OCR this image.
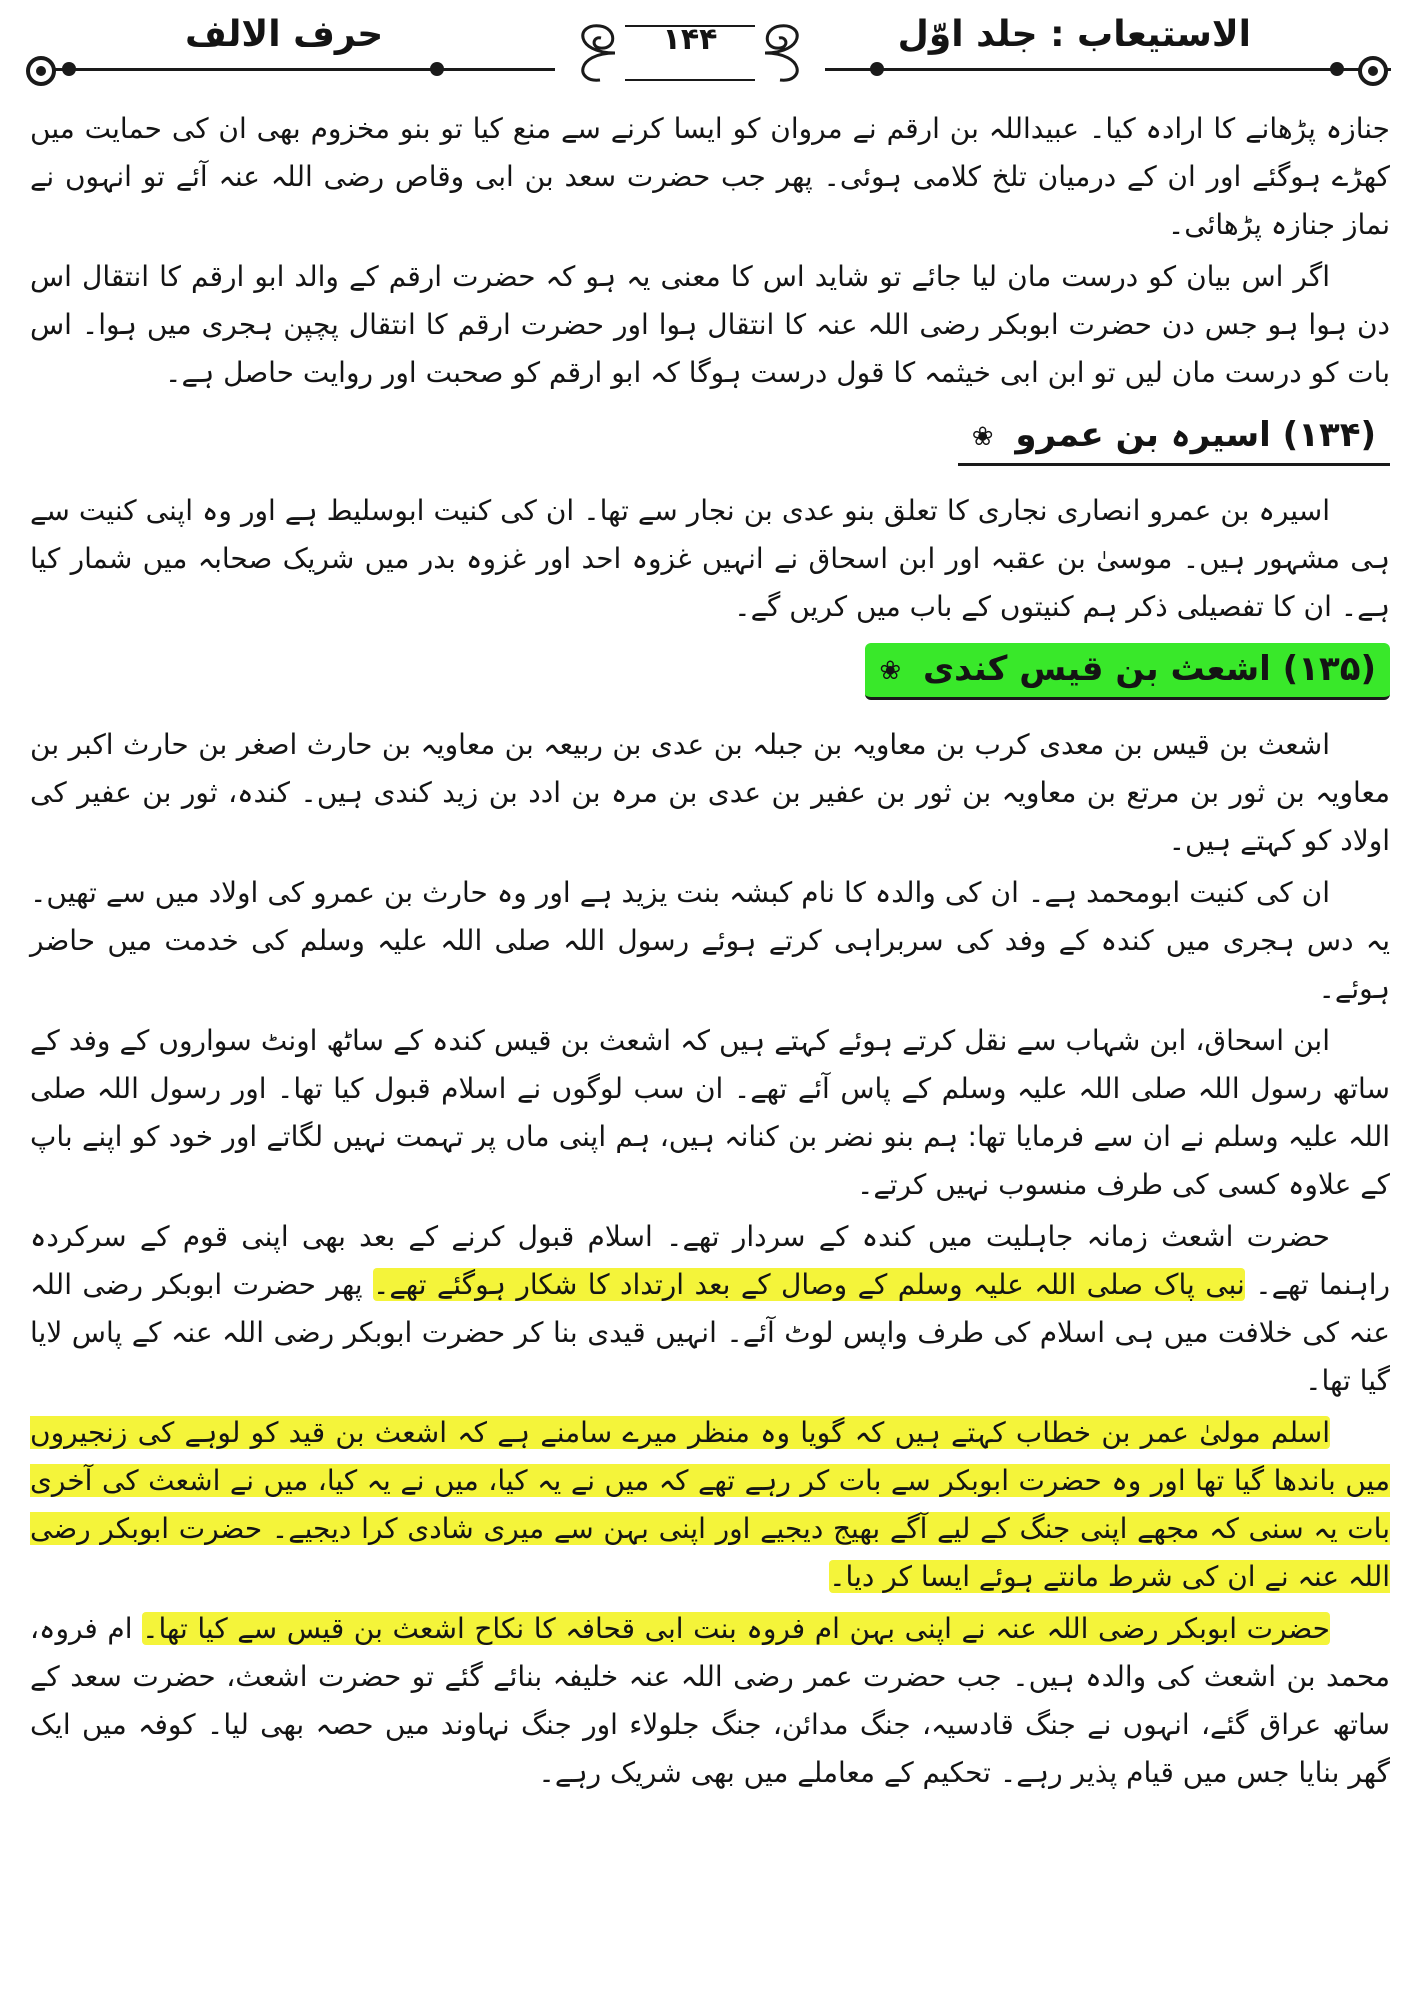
۱۴۴
حرف الالف	الاستیعاب : جلد اوّل

جنازہ پڑھانے کا ارادہ کیا۔ عبیداللہ بن ارقم نے مروان کو ایسا کرنے سے منع کیا تو بنو مخزوم بھی ان کی حمایت میں کھڑے ہوگئے اور ان کے درمیان تلخ کلامی ہوئی۔ پھر جب حضرت سعد بن ابی وقاص رضی اللہ عنہ آئے تو انہوں نے نماز جنازہ پڑھائی۔

اگر اس بیان کو درست مان لیا جائے تو شاید اس کا معنی یہ ہو کہ حضرت ارقم کے والد ابو ارقم کا انتقال اس دن ہوا ہو جس دن حضرت ابوبکر رضی اللہ عنہ کا انتقال ہوا اور حضرت ارقم کا انتقال پچپن ہجری میں ہوا۔ اس بات کو درست مان لیں تو ابن ابی خیثمہ کا قول درست ہوگا کہ ابو ارقم کو صحبت اور روایت حاصل ہے۔

(۱۳۴) اسیرہ بن عمرو ❀

اسیرہ بن عمرو انصاری نجاری کا تعلق بنو عدی بن نجار سے تھا۔ ان کی کنیت ابوسلیط ہے اور وہ اپنی کنیت سے ہی مشہور ہیں۔ موسیٰ بن عقبہ اور ابن اسحاق نے انہیں غزوہ احد اور غزوہ بدر میں شریک صحابہ میں شمار کیا ہے۔ ان کا تفصیلی ذکر ہم کنیتوں کے باب میں کریں گے۔

(۱۳۵) اشعث بن قیس کندی ❀

اشعث بن قیس بن معدی کرب بن معاویہ بن جبلہ بن عدی بن ربیعہ بن معاویہ بن حارث اصغر بن حارث اکبر بن معاویہ بن ثور بن مرتع بن معاویہ بن ثور بن عفیر بن عدی بن مرہ بن ادد بن زید کندی ہیں۔ کندہ، ثور بن عفیر کی اولاد کو کہتے ہیں۔

ان کی کنیت ابومحمد ہے۔ ان کی والدہ کا نام کبشہ بنت یزید ہے اور وہ حارث بن عمرو کی اولاد میں سے تھیں۔ یہ دس ہجری میں کندہ کے وفد کی سربراہی کرتے ہوئے رسول اللہ صلی اللہ علیہ وسلم کی خدمت میں حاضر ہوئے۔

ابن اسحاق، ابن شہاب سے نقل کرتے ہوئے کہتے ہیں کہ اشعث بن قیس کندہ کے ساٹھ اونٹ سواروں کے وفد کے ساتھ رسول اللہ صلی اللہ علیہ وسلم کے پاس آئے تھے۔ ان سب لوگوں نے اسلام قبول کیا تھا۔ اور رسول اللہ صلی اللہ علیہ وسلم نے ان سے فرمایا تھا: ہم بنو نضر بن کنانہ ہیں، ہم اپنی ماں پر تہمت نہیں لگاتے اور خود کو اپنے باپ کے علاوہ کسی کی طرف منسوب نہیں کرتے۔

حضرت اشعث زمانہ جاہلیت میں کندہ کے سردار تھے۔ اسلام قبول کرنے کے بعد بھی اپنی قوم کے سرکردہ راہنما تھے۔ نبی پاک صلی اللہ علیہ وسلم کے وصال کے بعد ارتداد کا شکار ہوگئے تھے۔ پھر حضرت ابوبکر رضی اللہ عنہ کی خلافت میں ہی اسلام کی طرف واپس لوٹ آئے۔ انہیں قیدی بنا کر حضرت ابوبکر رضی اللہ عنہ کے پاس لایا گیا تھا۔

اسلم مولیٰ عمر بن خطاب کہتے ہیں کہ گویا وہ منظر میرے سامنے ہے کہ اشعث بن قید کو لوہے کی زنجیروں میں باندھا گیا تھا اور وہ حضرت ابوبکر سے بات کر رہے تھے کہ میں نے یہ کیا، میں نے یہ کیا، میں نے اشعث کی آخری بات یہ سنی کہ مجھے اپنی جنگ کے لیے آگے بھیج دیجیے اور اپنی بہن سے میری شادی کرا دیجیے۔ حضرت ابوبکر رضی اللہ عنہ نے ان کی شرط مانتے ہوئے ایسا کر دیا۔

حضرت ابوبکر رضی اللہ عنہ نے اپنی بہن ام فروہ بنت ابی قحافہ کا نکاح اشعث بن قیس سے کیا تھا۔ ام فروہ، محمد بن اشعث کی والدہ ہیں۔ جب حضرت عمر رضی اللہ عنہ خلیفہ بنائے گئے تو حضرت اشعث، حضرت سعد کے ساتھ عراق گئے، انہوں نے جنگ قادسیہ، جنگ مدائن، جنگ جلولاء اور جنگ نہاوند میں حصہ بھی لیا۔ کوفہ میں ایک گھر بنایا جس میں قیام پذیر رہے۔ تحکیم کے معاملے میں بھی شریک رہے۔
